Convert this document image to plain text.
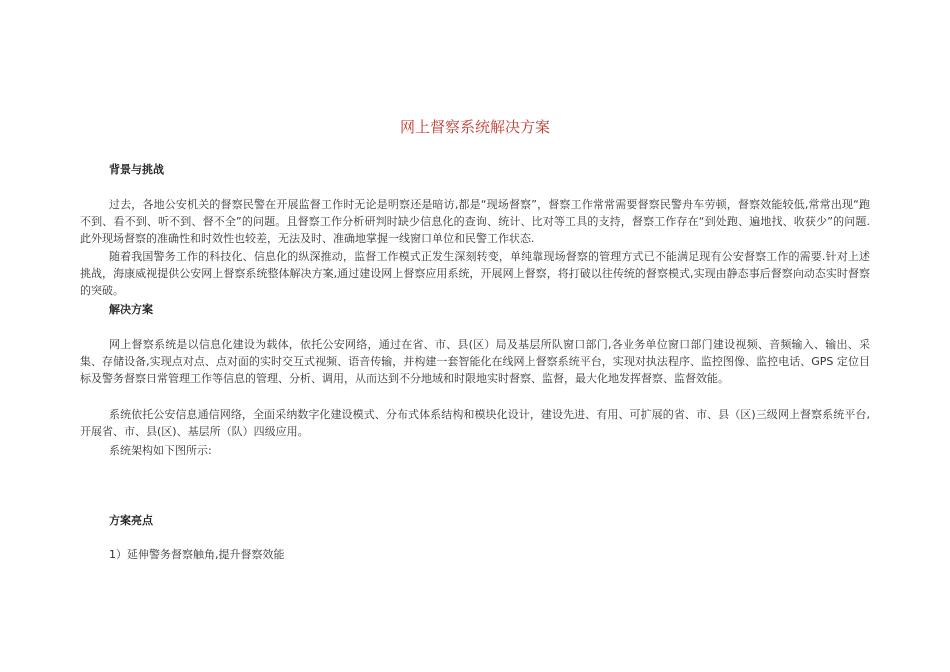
网上督察系统解决方案
背景与挑战

过去，各地公安机关的督察民警在开展监督工作时无论是明察还是暗访,都是“现场督察”，督察工作常常需要督察民警舟车劳顿，督察效能较低,常常出现“跑不到、看不到、听不到、督不全”的问题。且督察工作分析研判时缺少信息化的查询、统计、比对等工具的支持，督察工作存在“到处跑、遍地找、收获少”的问题.此外现场督察的准确性和时效性也较差，无法及时、准确地掌握一线窗口单位和民警工作状态.

随着我国警务工作的科技化、信息化的纵深推动，监督工作模式正发生深刻转变，单纯靠现场督察的管理方式已不能满足现有公安督察工作的需要.针对上述挑战，海康威视提供公安网上督察系统整体解决方案,通过建设网上督察应用系统，开展网上督察，将打破以往传统的督察模式,实现由静态事后督察向动态实时督察的突破。

解决方案

网上督察系统是以信息化建设为载体，依托公安网络，通过在省、市、县(区）局及基层所队窗口部门,各业务单位窗口部门建设视频、音频输入、输出、采集、存储设备,实现点对点、点对面的实时交互式视频、语音传输，并构建一套智能化在线网上督察系统平台，实现对执法程序、监控图像、监控电话、GPS 定位目标及警务督察日常管理工作等信息的管理、分析、调用，从而达到不分地域和时限地实时督察、监督，最大化地发挥督察、监督效能。

系统依托公安信息通信网络，全面采纳数字化建设模式、分布式体系结构和模块化设计，建设先进、有用、可扩展的省、市、县（区)三级网上督察系统平台,开展省、市、县(区)、基层所（队）四级应用。

系统架构如下图所示:

方案亮点
1）延伸警务督察触角,提升督察效能
